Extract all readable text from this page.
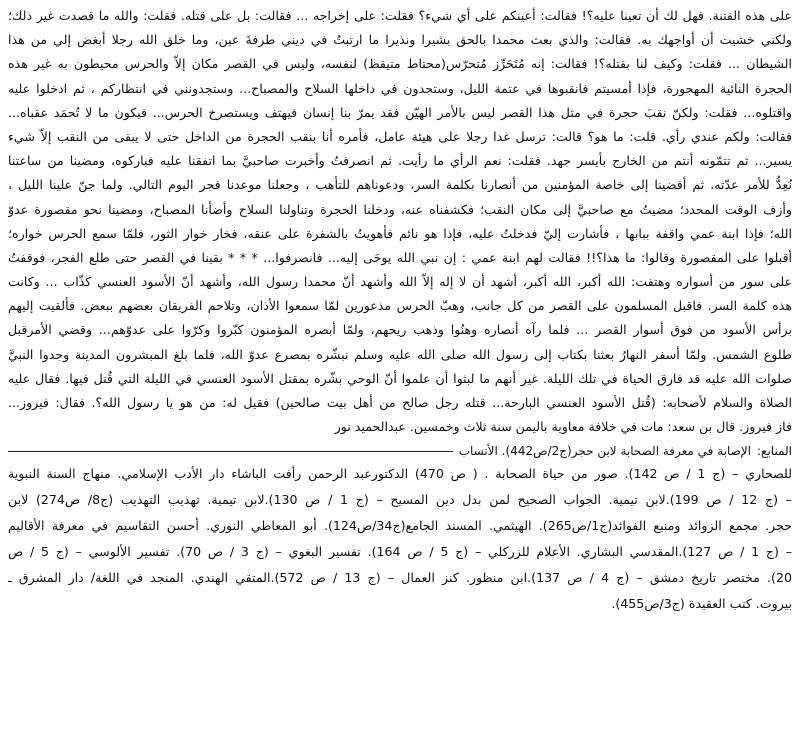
على هذه الفتنة. فهل لك أن تعينا عليه؟! فقالت: أعينكم على أي شيء؟ فقلت: على إخراجه ... فقالت: بل على قتله. فقلت: والله ما قصدت غير ذلك؛
ولكني خشيت أن أواجهك به. فقالت: والذي بعث محمدا بالحق بشيرا ونذيرا ما ارتبتُ في ديني طرفةَ عين، وما خلق الله رجلا أبغض إلي من هذا
الشيطان ... فقلت: وكيف لنا بقتله؟! فقالت: إنه مُتَحَرِّز مُتحرّس(محتاط متيقظ) لنفسه، وليس في القصر مكان إلاّ والحرس محيطون به غير هذه
الحجرة النائية المهجورة، فإذا أمسيتم فانقبوها في عتمة الليل، وستجدون في داخلها السلاح والمصباح... وستجدونني في انتظاركم ، ثم ادخلوا عليه
واقتلوه... فقلت: ولكنّ نقبَ حجرة في مثل هذا القصر ليس بالأمر الهيّن فقد يمرّ بنا إنسان فيهتف ويستصرخ الحرس... فيكون ما لا تُحمَد عقباه...
فقالت: ولكم عندي رأي. قلت: ما هو؟ قالت: ترسل غدا رجلا على هيئة عامل، فأمره أنا بنقب الحجرة من الداخل حتى لا يبقى من النقب إلاّ شيء
يسير... ثم تتمّونه أنتم من الخارج بأيسر جهد. فقلت: نعم الرأي ما رأيت. ثم انصرفتُ وأخبرت صاحبيَّ بما اتفقنا عليه فباركوه، ومضينا من ساعتنا
نُعِدُّ للأمر عدّته. ثم أفضينا إلى خاصة المؤمنين من أنصارنا بكلمة السر، ودعوناهم للتأهب ، وجعلنا موعدنا فجر اليوم التالي. ولما جنّ علينا الليل ،
وأزف الوقت المحدد؛ مضيتُ مع صاحبيَّ إلى مكان النقب؛ فكشفناه عنه، ودخلنا الحجرة وتناولنا السلاح وأضأنا المصباح، ومضينا نحو مقصورة عدوّ
الله؛ فإذا ابنة عمي واقفة ببابها ، فأشارت إليّ فدخلتُ عليه، فإذا هو نائم فأهويتُ بالشفرة على عنقه، فخار خوار الثور، فلمّا سمع الحرس خواره؛
أقبلوا على المقصورة وقالوا: ما هذا؟!! فقالت لهم ابنة عمي : إن نبي الله يوحَى إليه... فانصرفوا... * * * بقينا في القصر حتى طلع الفجر، فوقفتُ
على سور من أسواره وهتفت: الله أكبر، الله أكبر، أشهد أن لا إله إلاّ الله وأشهد أنّ محمدا رسول الله، وأشهد أنّ الأسود العنسي كذّاب ... وكانت
هذه كلمة السر. فاقبل المسلمون على القصر من كل جانب، وهبّ الحرس مذعورين لمّا سمعوا الأذان، وتلاحم الفريقان بعضهم ببعض. فألقيت إليهم
برأس الأسود من فوق أسوار القصر ... فلما رآه أنصاره وهنُوا وذهب ريحهم، ولمّا أبصره المؤمنون كبّروا وكرّوا على عدوّهم... وقضي الأمرقبل
طلوع الشمس. ولمّا أسفر النهارُ بعثنا بكتاب إلى رسول الله صلى الله عليه وسلم نبشّره بمصرع عدوّ الله، فلما بلغ المبشرون المدينة وجدوا النبيَّ
صلوات الله عليه قد فارق الحياة في تلك الليلة. غير أنهم ما لبثوا أن علموا أنّ الوحي بشّره بمقتل الأسود العنسي في الليلة التي قُتل فيها. فقال عليه
الصلاة والسلام لأصحابه: (قُتل الأسود العنسي البارحة... قتله رجل صالح من أهل بيت صالحين) فقيل له: من هو يا رسول الله؟. فقال: فيروز...
فاز فيروز. قال بن سعد: مات في خلافة معاوية باليمن سنة ثلاث وخمسين. عبدالحميد نور
المنابع:
الإصابة في معرفة الصحابة لابن حجر(ج2/ص442). الأنساب
للصحاري – (ج 1 / ص 142). صور من حياة الصحابة . ( ص 470) الدكتورعبد الرحمن رأفت الباشاء دار الأدب الإسلامي. منهاج السنة النبوية
– (ج 12 / ص 199).لابن تيمية. الجواب الصحيح لمن بدل دين المسيح – (ج 1 / ص 130).لابن تيمية. تهذيب التهذيب (ج8/ ص274) لابن
حجر. مجمع الزوائد ومنبع الفوائد(ج1/ص265). الهيثمي. المسند الجامع(ج34/ص124). أبو المعاطي النوري. أحسن التقاسيم في معرفة الأقاليم
– (ج 1 / ص 127).المقدسي البشاري. الأعلام للزركلي – (ج 5 / ص 164). تفسير البغوي – (ج 3 / ص 70). تفسير الألوسي – (ج 5 / ص
20). مختصر تاريخ دمشق – (ج 4 / ص 137).ابن منظور. كنز العمال – (ج 13 / ص 572).المتقي الهندي. المنجد في اللغة/ دار المشرق ـ
بيروت. كتب العقيدة (ج3/ص455).
